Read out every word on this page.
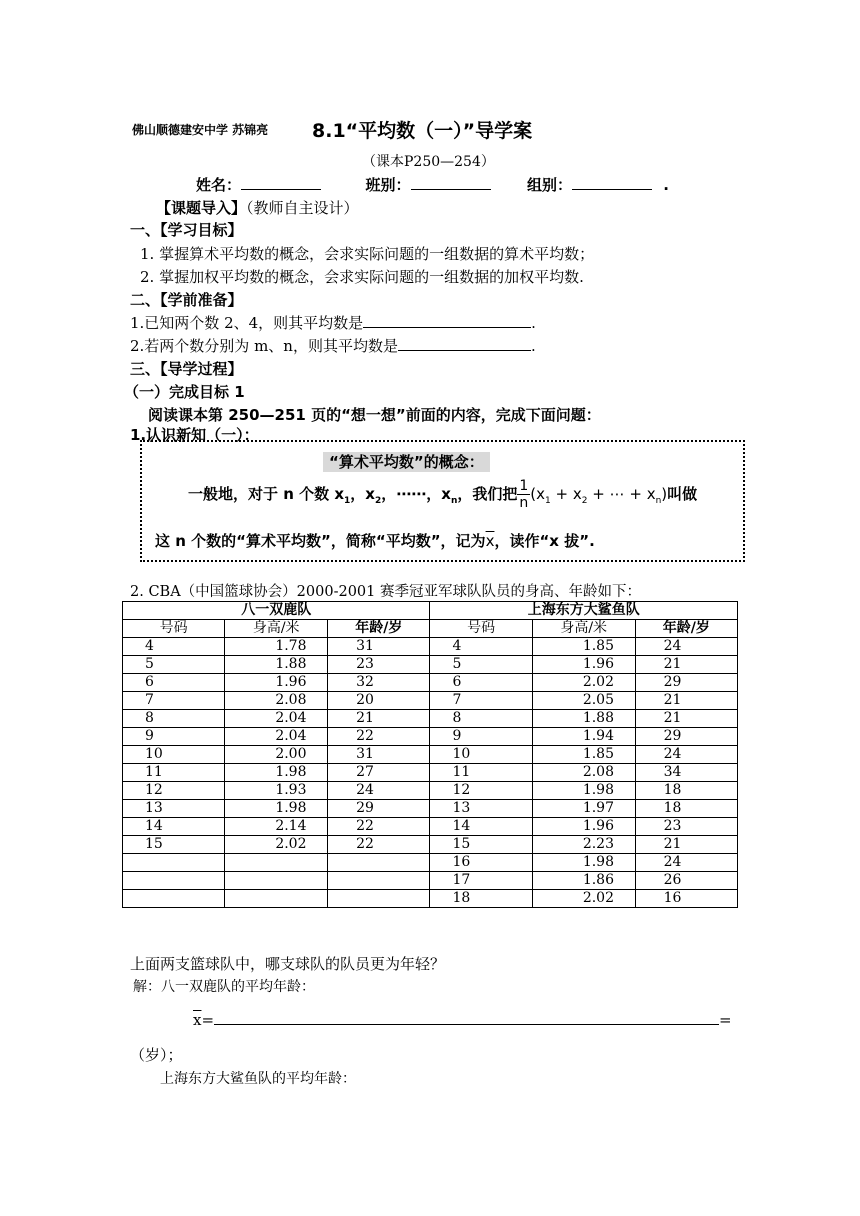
佛山顺德建安中学 苏锦亮 8.1“平均数（一）”导学案
（课本P250—254）
姓名：	班别：	组别：	.
【课题导入】（教师自主设计）
一、【学习目标】
1. 掌握算术平均数的概念，会求实际问题的一组数据的算术平均数；
2. 掌握加权平均数的概念，会求实际问题的一组数据的加权平均数.
二、【学前准备】
1.已知两个数 2、4，则其平均数是	.
2.若两个数分别为 m、n，则其平均数是	.
三、【导学过程】
（一）完成目标 1
阅读课本第 250—251 页的“想一想”前面的内容，完成下面问题：
1.认识新知（一）：
“算术平均数”的概念：
一般地，对于 n 个数 $x_1$，$x_2$，⋯⋯，$x_n$，我们把 $\frac{1}{n} (x_1 + x_2$ + ⋯ + $x_n$)叫做
这 n 个数的“算术平均数”，简称“平均数”，记为$\overline{x}$，读作“x 拔”.
2. CBA（中国篮球协会）2000-2001 赛季冠亚军球队队员的身高、年龄如下：
八一双鹿队			上海东方大鲨鱼队		
号码	身高/米	年龄/岁	号码	身高/米	年龄/岁
4	1.78	31	4	1.85	24
5	1.88	23	5	1.96	21
6	1.96	32	6	2.02	29
7	2.08	20	7	2.05	21
8	2.04	21	8	1.88	21
9	2.04	22	9	1.94	29
10	2.00	31	10	1.85	24
11	1.98	27	11	2.08	34
12	1.93	24	12	1.98	18
13	1.98	29	13	1.97	18
14	2.14	22	14	1.96	23
15	2.02	22	15	2.23	21
			16	1.98	24
			17	1.86	26
			18	2.02	16
上面两支篮球队中，哪支球队的队员更为年轻？
解：八一双鹿队的平均年龄：
$\overline{x}=$	=
（岁）；
上海东方大鲨鱼队的平均年龄：
